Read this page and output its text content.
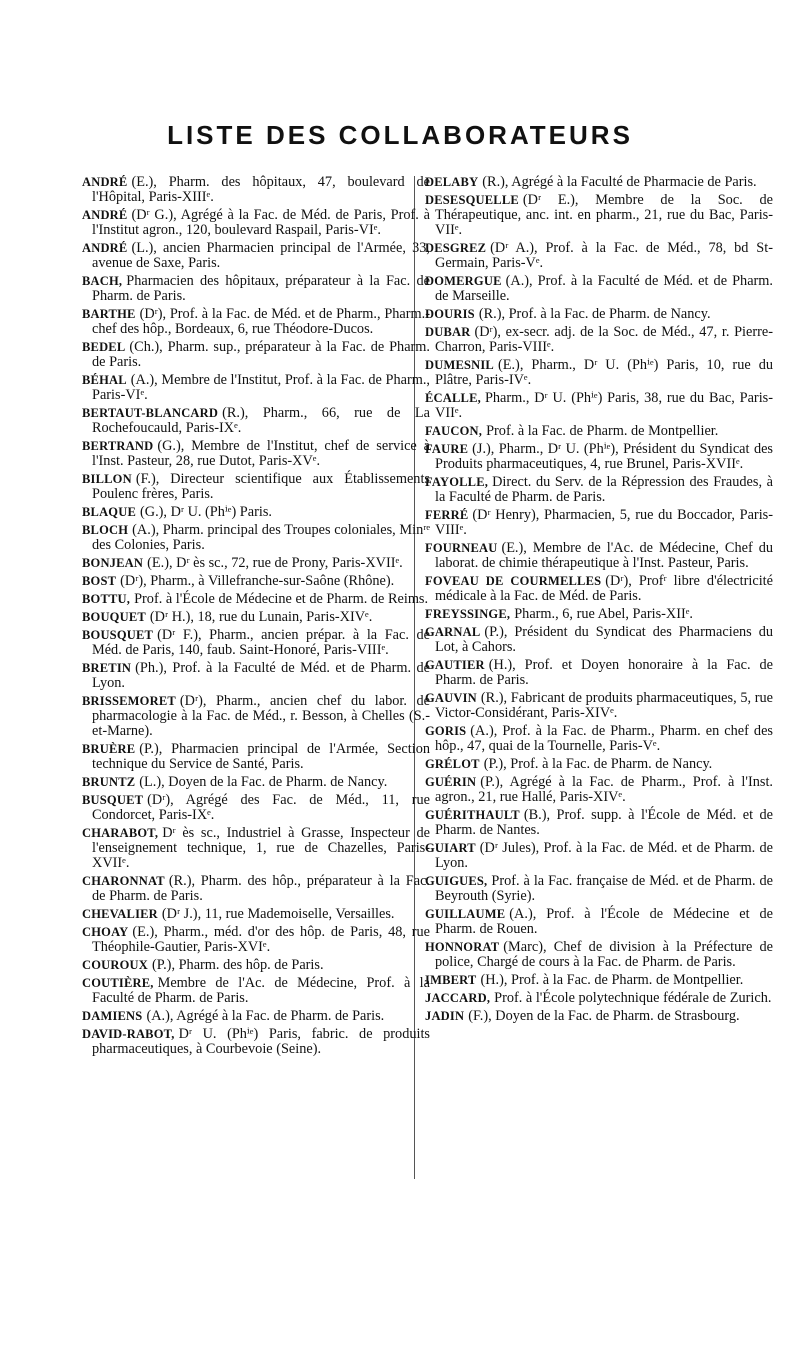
LISTE DES COLLABORATEURS

ANDRÉ (E.), Pharm. des hôpitaux, 47, boulevard de l'Hôpital, Paris-XIIIᵉ.

ANDRÉ (Dʳ G.), Agrégé à la Fac. de Méd. de Paris, Prof. à l'Institut agron., 120, boulevard Raspail, Paris-VIᵉ.

ANDRÉ (L.), ancien Pharmacien principal de l'Armée, 33, avenue de Saxe, Paris.

BACH, Pharmacien des hôpitaux, préparateur à la Fac. de Pharm. de Paris.

BARTHE (Dʳ), Prof. à la Fac. de Méd. et de Pharm., Pharm.-chef des hôp., Bordeaux, 6, rue Théodore-Ducos.

BEDEL (Ch.), Pharm. sup., préparateur à la Fac. de Pharm. de Paris.

BÉHAL (A.), Membre de l'Institut, Prof. à la Fac. de Pharm., Paris-VIᵉ.

BERTAUT-BLANCARD (R.), Pharm., 66, rue de La Rochefoucauld, Paris-IXᵉ.

BERTRAND (G.), Membre de l'Institut, chef de service à l'Inst. Pasteur, 28, rue Dutot, Paris-XVᵉ.

BILLON (F.), Directeur scientifique aux Établissements Poulenc frères, Paris.

BLAQUE (G.), Dʳ U. (Phⁱᵉ) Paris.

BLOCH (A.), Pharm. principal des Troupes coloniales, Minʳᵉ des Colonies, Paris.

BONJEAN (E.), Dʳ ès sc., 72, rue de Prony, Paris-XVIIᵉ.

BOST (Dʳ), Pharm., à Villefranche-sur-Saône (Rhône).

BOTTU, Prof. à l'École de Médecine et de Pharm. de Reims.

BOUQUET (Dʳ H.), 18, rue du Lunain, Paris-XIVᵉ.

BOUSQUET (Dʳ F.), Pharm., ancien prépar. à la Fac. de Méd. de Paris, 140, faub. Saint-Honoré, Paris-VIIIᵉ.

BRETIN (Ph.), Prof. à la Faculté de Méd. et de Pharm. de Lyon.

BRISSEMORET (Dʳ), Pharm., ancien chef du labor. de pharmacologie à la Fac. de Méd., r. Besson, à Chelles (S.-et-Marne).

BRUÈRE (P.), Pharmacien principal de l'Armée, Section technique du Service de Santé, Paris.

BRUNTZ (L.), Doyen de la Fac. de Pharm. de Nancy.

BUSQUET (Dʳ), Agrégé des Fac. de Méd., 11, rue Condorcet, Paris-IXᵉ.

CHARABOT, Dʳ ès sc., Industriel à Grasse, Inspecteur de l'enseignement technique, 1, rue de Chazelles, Paris-XVIIᵉ.

CHARONNAT (R.), Pharm. des hôp., préparateur à la Fac. de Pharm. de Paris.

CHEVALIER (Dʳ J.), 11, rue Mademoiselle, Versailles.

CHOAY (E.), Pharm., méd. d'or des hôp. de Paris, 48, rue Théophile-Gautier, Paris-XVIᵉ.

COUROUX (P.), Pharm. des hôp. de Paris.

COUTIÈRE, Membre de l'Ac. de Médecine, Prof. à la Faculté de Pharm. de Paris.

DAMIENS (A.), Agrégé à la Fac. de Pharm. de Paris.

DAVID-RABOT, Dʳ U. (Phⁱᵉ) Paris, fabric. de produits pharmaceutiques, à Courbevoie (Seine).

DELABY (R.), Agrégé à la Faculté de Pharmacie de Paris.

DESESQUELLE (Dʳ E.), Membre de la Soc. de Thérapeutique, anc. int. en pharm., 21, rue du Bac, Paris-VIIᵉ.

DESGREZ (Dʳ A.), Prof. à la Fac. de Méd., 78, bd St-Germain, Paris-Vᵉ.

DOMERGUE (A.), Prof. à la Faculté de Méd. et de Pharm. de Marseille.

DOURIS (R.), Prof. à la Fac. de Pharm. de Nancy.

DUBAR (Dʳ), ex-secr. adj. de la Soc. de Méd., 47, r. Pierre-Charron, Paris-VIIIᵉ.

DUMESNIL (E.), Pharm., Dʳ U. (Phⁱᵉ) Paris, 10, rue du Plâtre, Paris-IVᵉ.

ÉCALLE, Pharm., Dʳ U. (Phⁱᵉ) Paris, 38, rue du Bac, Paris-VIIᵉ.

FAUCON, Prof. à la Fac. de Pharm. de Montpellier.

FAURE (J.), Pharm., Dʳ U. (Phⁱᵉ), Président du Syndicat des Produits pharmaceutiques, 4, rue Brunel, Paris-XVIIᵉ.

FAYOLLE, Direct. du Serv. de la Répression des Fraudes, à la Faculté de Pharm. de Paris.

FERRÉ (Dʳ Henry), Pharmacien, 5, rue du Boccador, Paris-VIIIᵉ.

FOURNEAU (E.), Membre de l'Ac. de Médecine, Chef du laborat. de chimie thérapeutique à l'Inst. Pasteur, Paris.

FOVEAU DE COURMELLES (Dʳ), Profʳ libre d'électricité médicale à la Fac. de Méd. de Paris.

FREYSSINGE, Pharm., 6, rue Abel, Paris-XIIᵉ.

GARNAL (P.), Président du Syndicat des Pharmaciens du Lot, à Cahors.

GAUTIER (H.), Prof. et Doyen honoraire à la Fac. de Pharm. de Paris.

GAUVIN (R.), Fabricant de produits pharmaceutiques, 5, rue Victor-Considérant, Paris-XIVᵉ.

GORIS (A.), Prof. à la Fac. de Pharm., Pharm. en chef des hôp., 47, quai de la Tournelle, Paris-Vᵉ.

GRÉLOT (P.), Prof. à la Fac. de Pharm. de Nancy.

GUÉRIN (P.), Agrégé à la Fac. de Pharm., Prof. à l'Inst. agron., 21, rue Hallé, Paris-XIVᵉ.

GUÉRITHAULT (B.), Prof. supp. à l'École de Méd. et de Pharm. de Nantes.

GUIART (Dʳ Jules), Prof. à la Fac. de Méd. et de Pharm. de Lyon.

GUIGUES, Prof. à la Fac. française de Méd. et de Pharm. de Beyrouth (Syrie).

GUILLAUME (A.), Prof. à l'École de Médecine et de Pharm. de Rouen.

HONNORAT (Marc), Chef de division à la Préfecture de police, Chargé de cours à la Fac. de Pharm. de Paris.

IMBERT (H.), Prof. à la Fac. de Pharm. de Montpellier.

JACCARD, Prof. à l'École polytechnique fédérale de Zurich.

JADIN (F.), Doyen de la Fac. de Pharm. de Strasbourg.
